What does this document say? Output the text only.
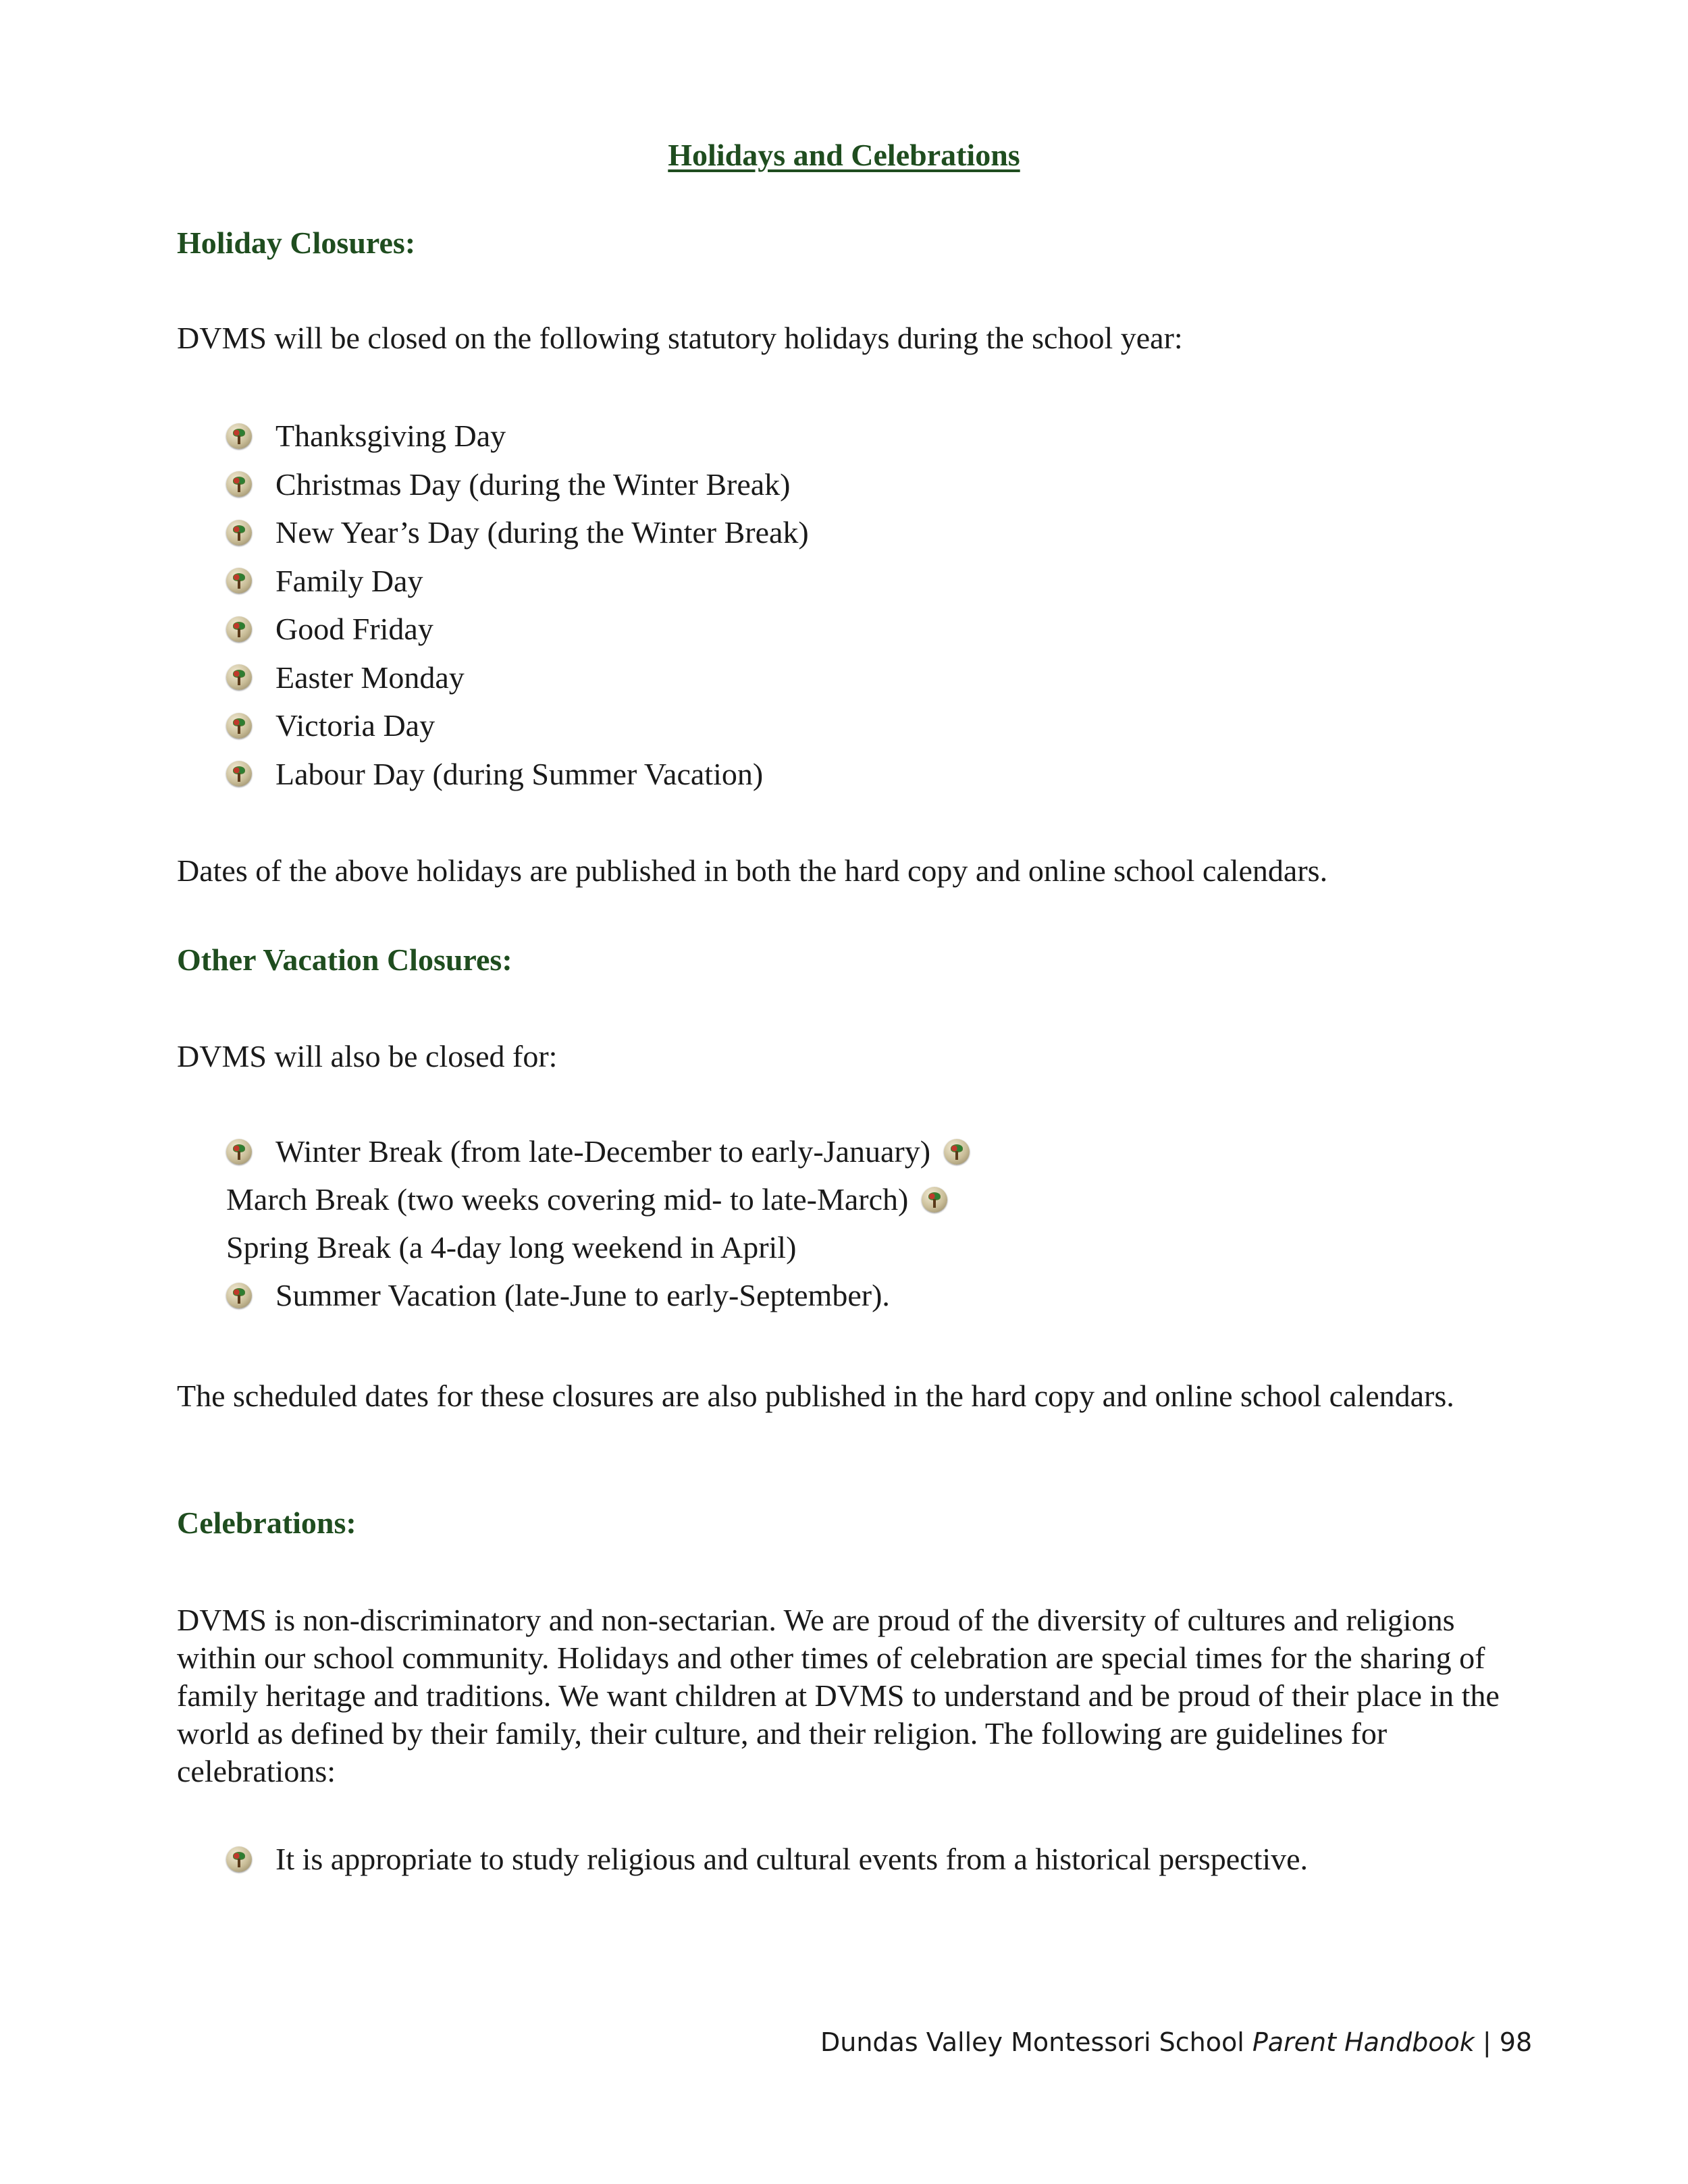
Holidays and Celebrations
Holiday Closures:
DVMS will be closed on the following statutory holidays during the school year:
Thanksgiving Day
Christmas Day (during the Winter Break)
New Year’s Day (during the Winter Break)
Family Day
Good Friday
Easter Monday
Victoria Day
Labour Day (during Summer Vacation)
Dates of the above holidays are published in both the hard copy and online school calendars.
Other Vacation Closures:
DVMS will also be closed for:
Winter Break (from late-December to early-January)
March Break (two weeks covering mid- to late-March)
Spring Break (a 4-day long weekend in April)
Summer Vacation (late-June to early-September).
The scheduled dates for these closures are also published in the hard copy and online school calendars.
Celebrations:
DVMS is non-discriminatory and non-sectarian. We are proud of the diversity of cultures and religions within our school community. Holidays and other times of celebration are special times for the sharing of family heritage and traditions. We want children at DVMS to understand and be proud of their place in the world as defined by their family, their culture, and their religion. The following are guidelines for celebrations:
It is appropriate to study religious and cultural events from a historical perspective.
Dundas Valley Montessori School Parent Handbook | 98
